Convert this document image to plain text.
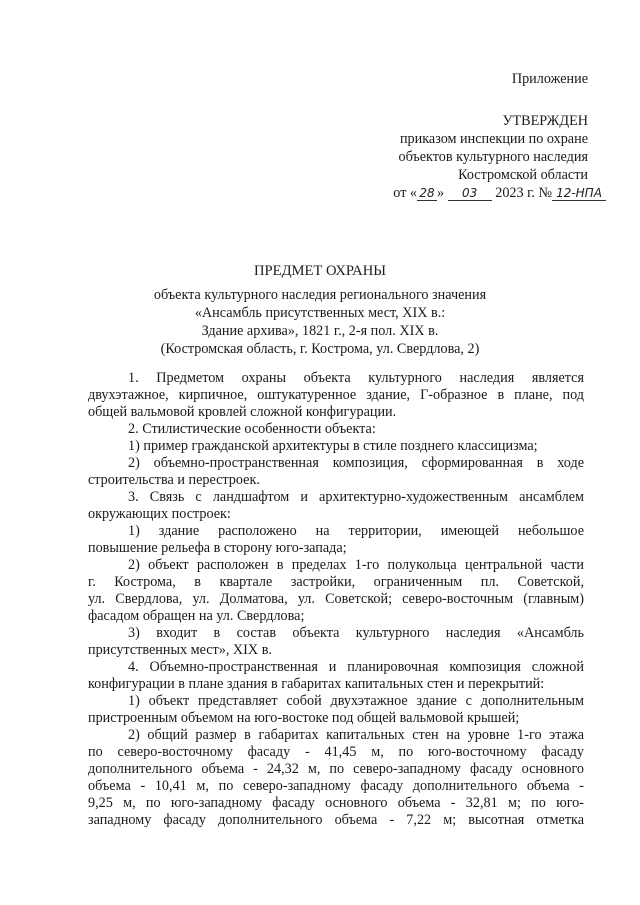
Приложение
УТВЕРЖДЕН
приказом инспекции по охране
объектов культурного наследия
Костромской области
от « 28 » 03 2023 г. № 12-НПА
ПРЕДМЕТ ОХРАНЫ
объекта культурного наследия регионального значения
«Ансамбль присутственных мест, XIX в.:
Здание архива», 1821 г., 2-я пол. XIX в.
(Костромская область, г. Кострома, ул. Свердлова, 2)
1. Предметом охраны объекта культурного наследия является
двухэтажное, кирпичное, оштукатуренное здание, Г-образное в плане, под
общей вальмовой кровлей сложной конфигурации.
2. Стилистические особенности объекта:
1) пример гражданской архитектуры в стиле позднего классицизма;
2) объемно-пространственная композиция, сформированная в ходе
строительства и перестроек.
3. Связь с ландшафтом и архитектурно-художественным ансамблем
окружающих построек:
1) здание расположено на территории, имеющей небольшое
повышение рельефа в сторону юго-запада;
2) объект расположен в пределах 1-го полукольца центральной части
г. Кострома, в квартале застройки, ограниченным пл. Советской,
ул. Свердлова, ул. Долматова, ул. Советской; северо-восточным (главным)
фасадом обращен на ул. Свердлова;
3) входит в состав объекта культурного наследия «Ансамбль
присутственных мест», XIX в.
4. Объемно-пространственная и планировочная композиция сложной
конфигурации в плане здания в габаритах капитальных стен и перекрытий:
1) объект представляет собой двухэтажное здание с дополнительным
пристроенным объемом на юго-востоке под общей вальмовой крышей;
2) общий размер в габаритах капитальных стен на уровне 1-го этажа
по северо-восточному фасаду - 41,45 м, по юго-восточному фасаду
дополнительного объема - 24,32 м, по северо-западному фасаду основного
объема - 10,41 м, по северо-западному фасаду дополнительного объема -
9,25 м, по юго-западному фасаду основного объема - 32,81 м; по юго-
западному фасаду дополнительного объема - 7,22 м; высотная отметка
